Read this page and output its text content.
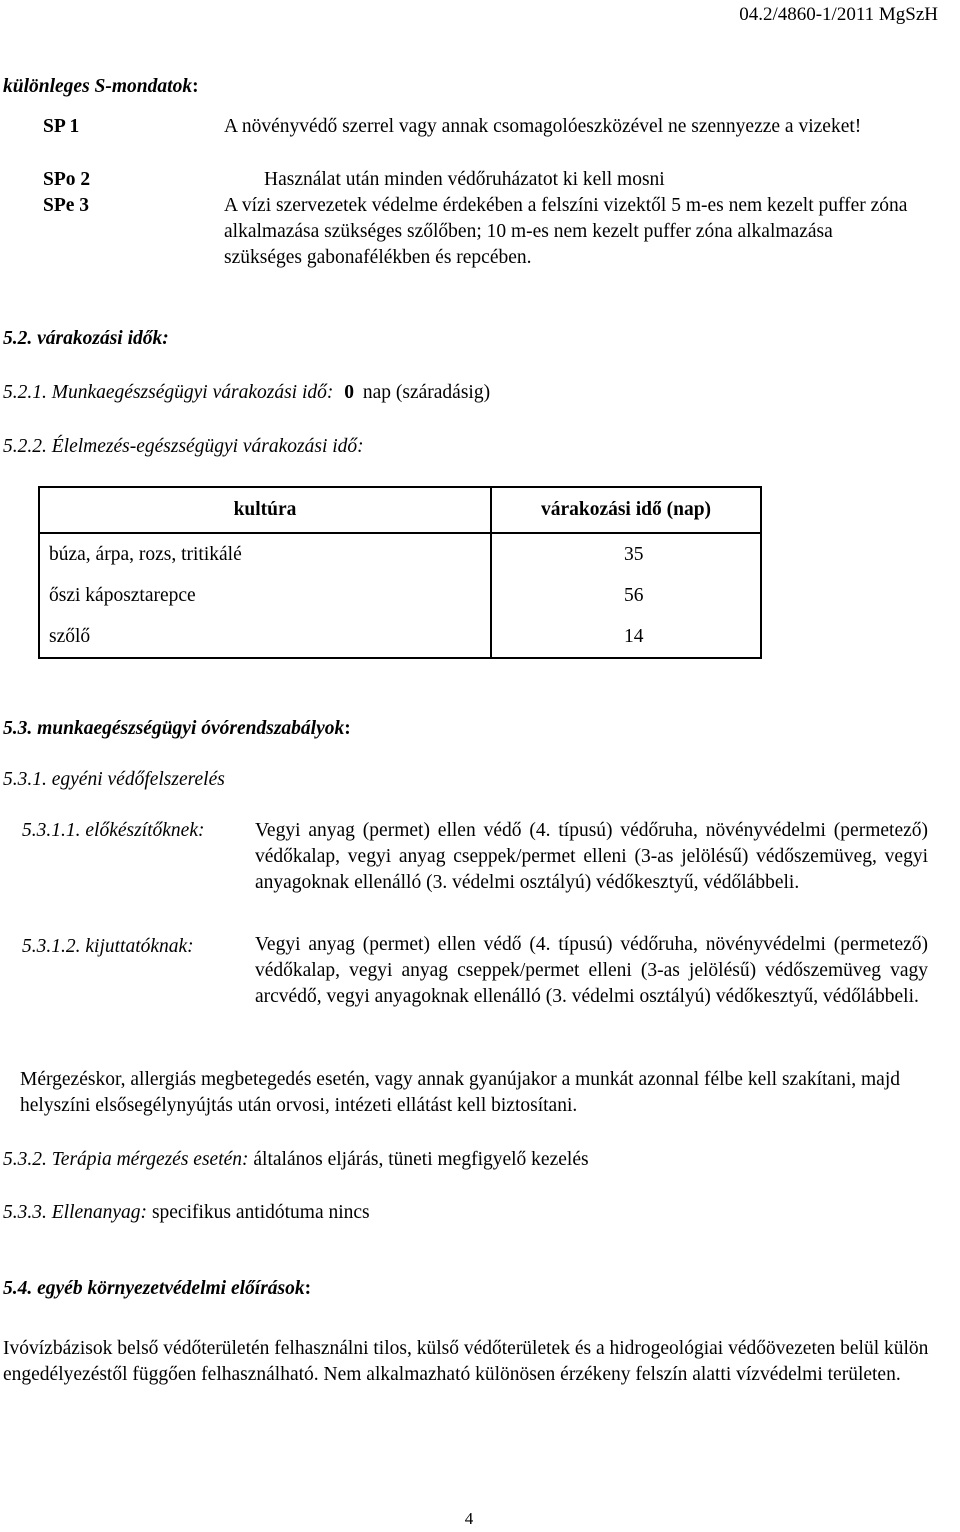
04.2/4860-1/2011 MgSzH
különleges S-mondatok:
SP 1	A növényvédő szerrel vagy annak csomagolóeszközével ne szennyezze a vizeket!
SPo 2	Használat után minden védőruházatot ki kell mosni
SPe 3	A vízi szervezetek védelme érdekében a felszíni vizektől 5 m-es nem kezelt puffer zóna alkalmazása szükséges szőlőben; 10 m-es nem kezelt puffer zóna alkalmazása szükséges gabonafélékben és repcében.
5.2. várakozási idők:
5.2.1. Munkaegészségügyi várakozási idő: 0 nap (száradásig)
5.2.2. Élelmezés-egészségügyi várakozási idő:
kultúra	várakozási idő (nap)
búza, árpa, rozs, tritikálé	35
őszi káposztarepce	56
szőlő	14
5.3. munkaegészségügyi óvórendszabályok:
5.3.1. egyéni védőfelszerelés
5.3.1.1. előkészítőknek:	Vegyi anyag (permet) ellen védő (4. típusú) védőruha, növényvédelmi (permetező) védőkalap, vegyi anyag cseppek/permet elleni (3-as jelölésű) védőszemüveg, vegyi anyagoknak ellenálló (3. védelmi osztályú) védőkesztyű, védőlábbeli.
5.3.1.2. kijuttatóknak:	Vegyi anyag (permet) ellen védő (4. típusú) védőruha, növényvédelmi (permetező) védőkalap, vegyi anyag cseppek/permet elleni (3-as jelölésű) védőszemüveg vagy arcvédő, vegyi anyagoknak ellenálló (3. védelmi osztályú) védőkesztyű, védőlábbeli.
Mérgezéskor, allergiás megbetegedés esetén, vagy annak gyanújakor a munkát azonnal félbe kell szakítani, majd helyszíni elsősegélynyújtás után orvosi, intézeti ellátást kell biztosítani.
5.3.2. Terápia mérgezés esetén: általános eljárás, tüneti megfigyelő kezelés
5.3.3. Ellenanyag: specifikus antidótuma nincs
5.4. egyéb környezetvédelmi előírások:
Ivóvízbázisok belső védőterületén felhasználni tilos, külső védőterületek és a hidrogeológiai védőövezeten belül külön engedélyezéstől függően felhasználható. Nem alkalmazható különösen érzékeny felszín alatti vízvédelmi területen.
4
